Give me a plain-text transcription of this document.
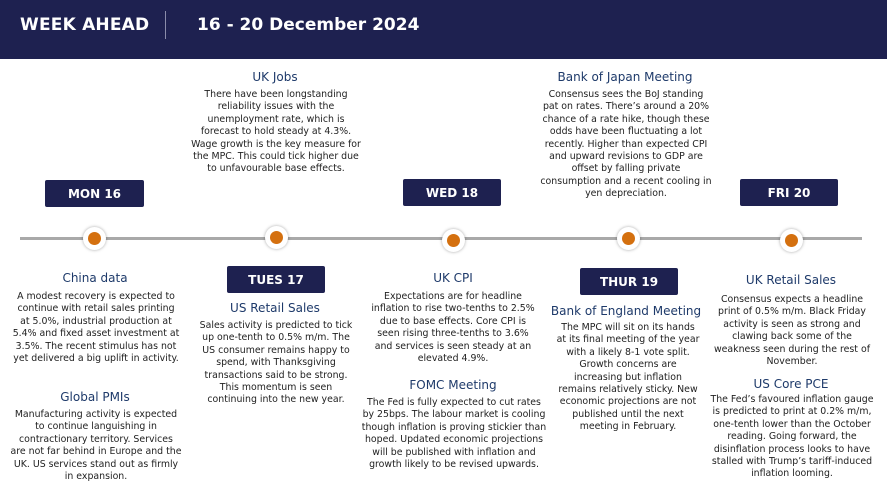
WEEK AHEAD	16 - 20 December 2024
MON 16
TUES 17
WED 18
THUR 19
FRI 20
UK Jobs
There have been longstanding reliability issues with the unemployment rate, which is forecast to hold steady at 4.3%. Wage growth is the key measure for the MPC. This could tick higher due to unfavourable base effects.
Bank of Japan Meeting
Consensus sees the BoJ standing pat on rates. There’s around a 20% chance of a rate hike, though these odds have been fluctuating a lot recently. Higher than expected CPI and upward revisions to GDP are offset by falling private consumption and a recent cooling in yen depreciation.
China data
A modest recovery is expected to continue with retail sales printing at 5.0%, industrial production at 5.4% and fixed asset investment at 3.5%. The recent stimulus has not yet delivered a big uplift in activity.
Global PMIs
Manufacturing activity is expected to continue languishing in contractionary territory. Services are not far behind in Europe and the UK. US services stand out as firmly in expansion.
US Retail Sales
Sales activity is predicted to tick up one-tenth to 0.5% m/m. The US consumer remains happy to spend, with Thanksgiving transactions said to be strong. This momentum is seen continuing into the new year.
UK CPI
Expectations are for headline inflation to rise two-tenths to 2.5% due to base effects. Core CPI is seen rising three-tenths to 3.6% and services is seen steady at an elevated 4.9%.
FOMC Meeting
The Fed is fully expected to cut rates by 25bps. The labour market is cooling though inflation is proving stickier than hoped. Updated economic projections will be published with inflation and growth likely to be revised upwards.
Bank of England Meeting
The MPC will sit on its hands at its final meeting of the year with a likely 8-1 vote split. Growth concerns are increasing but inflation remains relatively sticky. New economic projections are not published until the next meeting in February.
UK Retail Sales
Consensus expects a headline print of 0.5% m/m. Black Friday activity is seen as strong and clawing back some of the weakness seen during the rest of November.
US Core PCE
The Fed’s favoured inflation gauge is predicted to print at 0.2% m/m, one-tenth lower than the October reading. Going forward, the disinflation process looks to have stalled with Trump’s tariff-induced inflation looming.
